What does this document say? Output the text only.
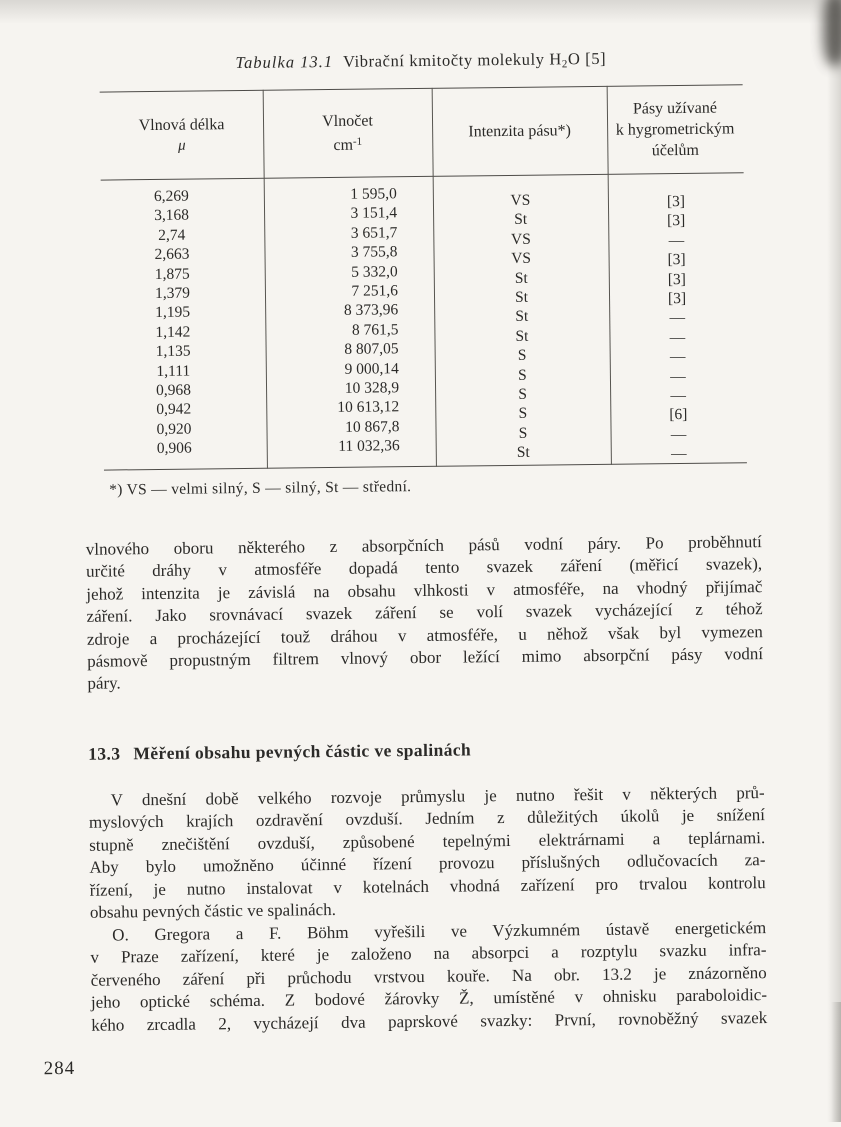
Tabulka 13.1 Vibrační kmitočty molekuly $H_2O$ [5]
Vlnová délka
μ
Vlnočet
$cm^{-1}$
Intenzita pásu*)
Pásy užívané
k hygrometrickým
účelům
6,269	1 595,0	VS	[3]
3,168	3 151,4	St	[3]
2,74	3 651,7	VS	—
2,663	3 755,8	VS	[3]
1,875	5 332,0	St	[3]
1,379	7 251,6	St	[3]
1,195	8 373,96	St	—
1,142	8 761,5	St	—
1,135	8 807,05	S	—
1,111	9 000,14	S	—
0,968	10 328,9	S	—
0,942	10 613,12	S	[6]
0,920	10 867,8	S	—
0,906	11 032,36	St	—
*) VS — velmi silný, S — silný, St — střední.
vlnového oboru některého z absorpčních pásů vodní páry. Po proběhnutí
určité dráhy v atmosféře dopadá tento svazek záření (měřicí svazek),
jehož intenzita je závislá na obsahu vlhkosti v atmosféře, na vhodný přijímač
záření. Jako srovnávací svazek záření se volí svazek vycházející z téhož
zdroje a procházející touž dráhou v atmosféře, u něhož však byl vymezen
pásmově propustným filtrem vlnový obor ležící mimo absorpční pásy vodní
páry.
13.3 Měření obsahu pevných částic ve spalinách
V dnešní době velkého rozvoje průmyslu je nutno řešit v některých prů-
myslových krajích ozdravění ovzduší. Jedním z důležitých úkolů je snížení
stupně znečištění ovzduší, způsobené tepelnými elektrárnami a teplárnami.
Aby bylo umožněno účinné řízení provozu příslušných odlučovacích za-
řízení, je nutno instalovat v kotelnách vhodná zařízení pro trvalou kontrolu
obsahu pevných částic ve spalinách.
O. Gregora a F. Böhm vyřešili ve Výzkumném ústavě energetickém
v Praze zařízení, které je založeno na absorpci a rozptylu svazku infra-
červeného záření při průchodu vrstvou kouře. Na obr. 13.2 je znázorněno
jeho optické schéma. Z bodové žárovky Ž, umístěné v ohnisku paraboloidic-
kého zrcadla 2, vycházejí dva paprskové svazky: První, rovnoběžný svazek
284
